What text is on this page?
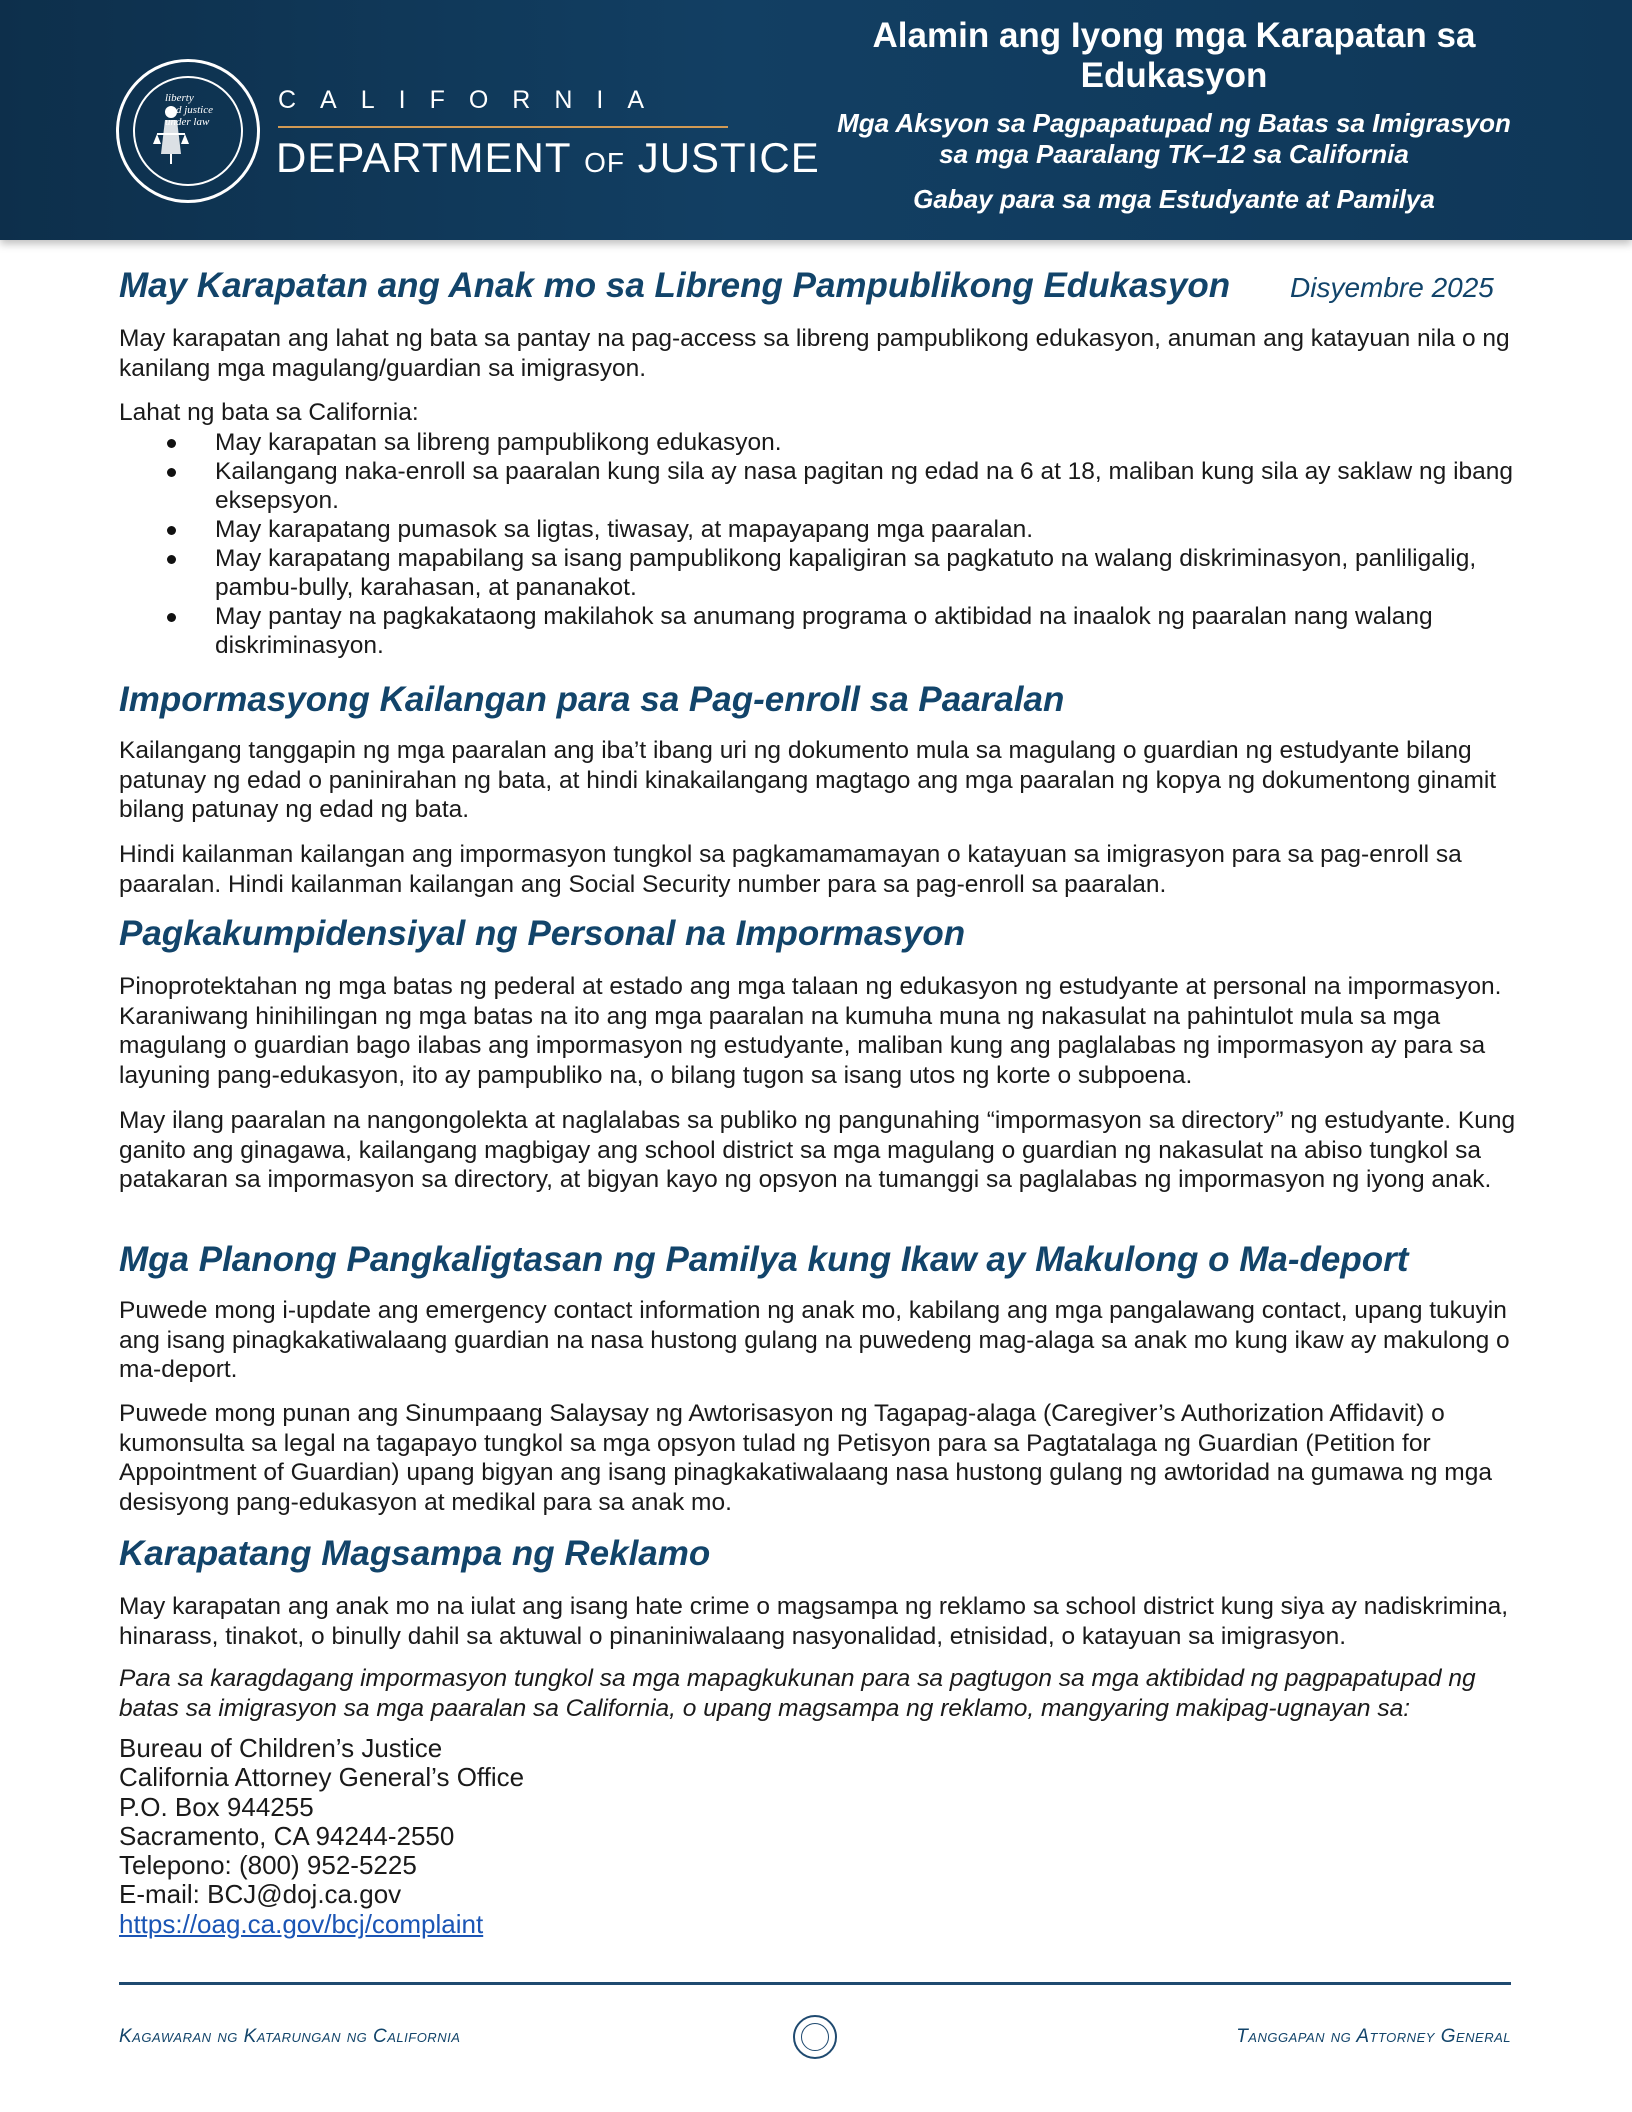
liberty
and justice
under law
CALIFORNIA
DEPARTMENT OF JUSTICE
Alamin ang Iyong mga Karapatan sa Edukasyon
Mga Aksyon sa Pagpapatupad ng Batas sa Imigrasyon sa mga Paaralang TK–12 sa California
Gabay para sa mga Estudyante at Pamilya
May Karapatan ang Anak mo sa Libreng Pampublikong Edukasyon Disyembre 2025

May karapatan ang lahat ng bata sa pantay na pag-access sa libreng pampublikong edukasyon, anuman ang katayuan nila o ng kanilang mga magulang/guardian sa imigrasyon.

Lahat ng bata sa California:

May karapatan sa libreng pampublikong edukasyon.
Kailangang naka-enroll sa paaralan kung sila ay nasa pagitan ng edad na 6 at 18, maliban kung sila ay saklaw ng ibang eksepsyon.
May karapatang pumasok sa ligtas, tiwasay, at mapayapang mga paaralan.
May karapatang mapabilang sa isang pampublikong kapaligiran sa pagkatuto na walang diskriminasyon, panliligalig, pambu-bully, karahasan, at pananakot.
May pantay na pagkakataong makilahok sa anumang programa o aktibidad na inaalok ng paaralan nang walang diskriminasyon.
Impormasyong Kailangan para sa Pag-enroll sa Paaralan

Kailangang tanggapin ng mga paaralan ang iba’t ibang uri ng dokumento mula sa magulang o guardian ng estudyante bilang patunay ng edad o paninirahan ng bata, at hindi kinakailangang magtago ang mga paaralan ng kopya ng dokumentong ginamit bilang patunay ng edad ng bata.

Hindi kailanman kailangan ang impormasyon tungkol sa pagkamamamayan o katayuan sa imigrasyon para sa pag-enroll sa paaralan. Hindi kailanman kailangan ang Social Security number para sa pag-enroll sa paaralan.

Pagkakumpidensiyal ng Personal na Impormasyon

Pinoprotektahan ng mga batas ng pederal at estado ang mga talaan ng edukasyon ng estudyante at personal na impormasyon. Karaniwang hinihilingan ng mga batas na ito ang mga paaralan na kumuha muna ng nakasulat na pahintulot mula sa mga magulang o guardian bago ilabas ang impormasyon ng estudyante, maliban kung ang paglalabas ng impormasyon ay para sa layuning pang-edukasyon, ito ay pampubliko na, o bilang tugon sa isang utos ng korte o subpoena.

May ilang paaralan na nangongolekta at naglalabas sa publiko ng pangunahing “impormasyon sa directory” ng estudyante. Kung ganito ang ginagawa, kailangang magbigay ang school district sa mga magulang o guardian ng nakasulat na abiso tungkol sa patakaran sa impormasyon sa directory, at bigyan kayo ng opsyon na tumanggi sa paglalabas ng impormasyon ng iyong anak.

Mga Planong Pangkaligtasan ng Pamilya kung Ikaw ay Makulong o Ma-deport

Puwede mong i-update ang emergency contact information ng anak mo, kabilang ang mga pangalawang contact, upang tukuyin ang isang pinagkakatiwalaang guardian na nasa hustong gulang na puwedeng mag-alaga sa anak mo kung ikaw ay makulong o ma-deport.

Puwede mong punan ang Sinumpaang Salaysay ng Awtorisasyon ng Tagapag-alaga (Caregiver’s Authorization Affidavit) o kumonsulta sa legal na tagapayo tungkol sa mga opsyon tulad ng Petisyon para sa Pagtatalaga ng Guardian (Petition for Appointment of Guardian) upang bigyan ang isang pinagkakatiwalaang nasa hustong gulang ng awtoridad na gumawa ng mga desisyong pang-edukasyon at medikal para sa anak mo.

Karapatang Magsampa ng Reklamo

May karapatan ang anak mo na iulat ang isang hate crime o magsampa ng reklamo sa school district kung siya ay nadiskrimina, hinarass, tinakot, o binully dahil sa aktuwal o pinaniniwalaang nasyonalidad, etnisidad, o katayuan sa imigrasyon.

Para sa karagdagang impormasyon tungkol sa mga mapagkukunan para sa pagtugon sa mga aktibidad ng pagpapatupad ng batas sa imigrasyon sa mga paaralan sa California, o upang magsampa ng reklamo, mangyaring makipag-ugnayan sa:

Bureau of Children’s Justice
California Attorney General’s Office
P.O. Box 944255
Sacramento, CA 94244-2550
Telepono: (800) 952-5225
E-mail: BCJ@doj.ca.gov
https://oag.ca.gov/bcj/complaint
Kagawaran ng Katarungan ng California	Tanggapan ng Attorney General
